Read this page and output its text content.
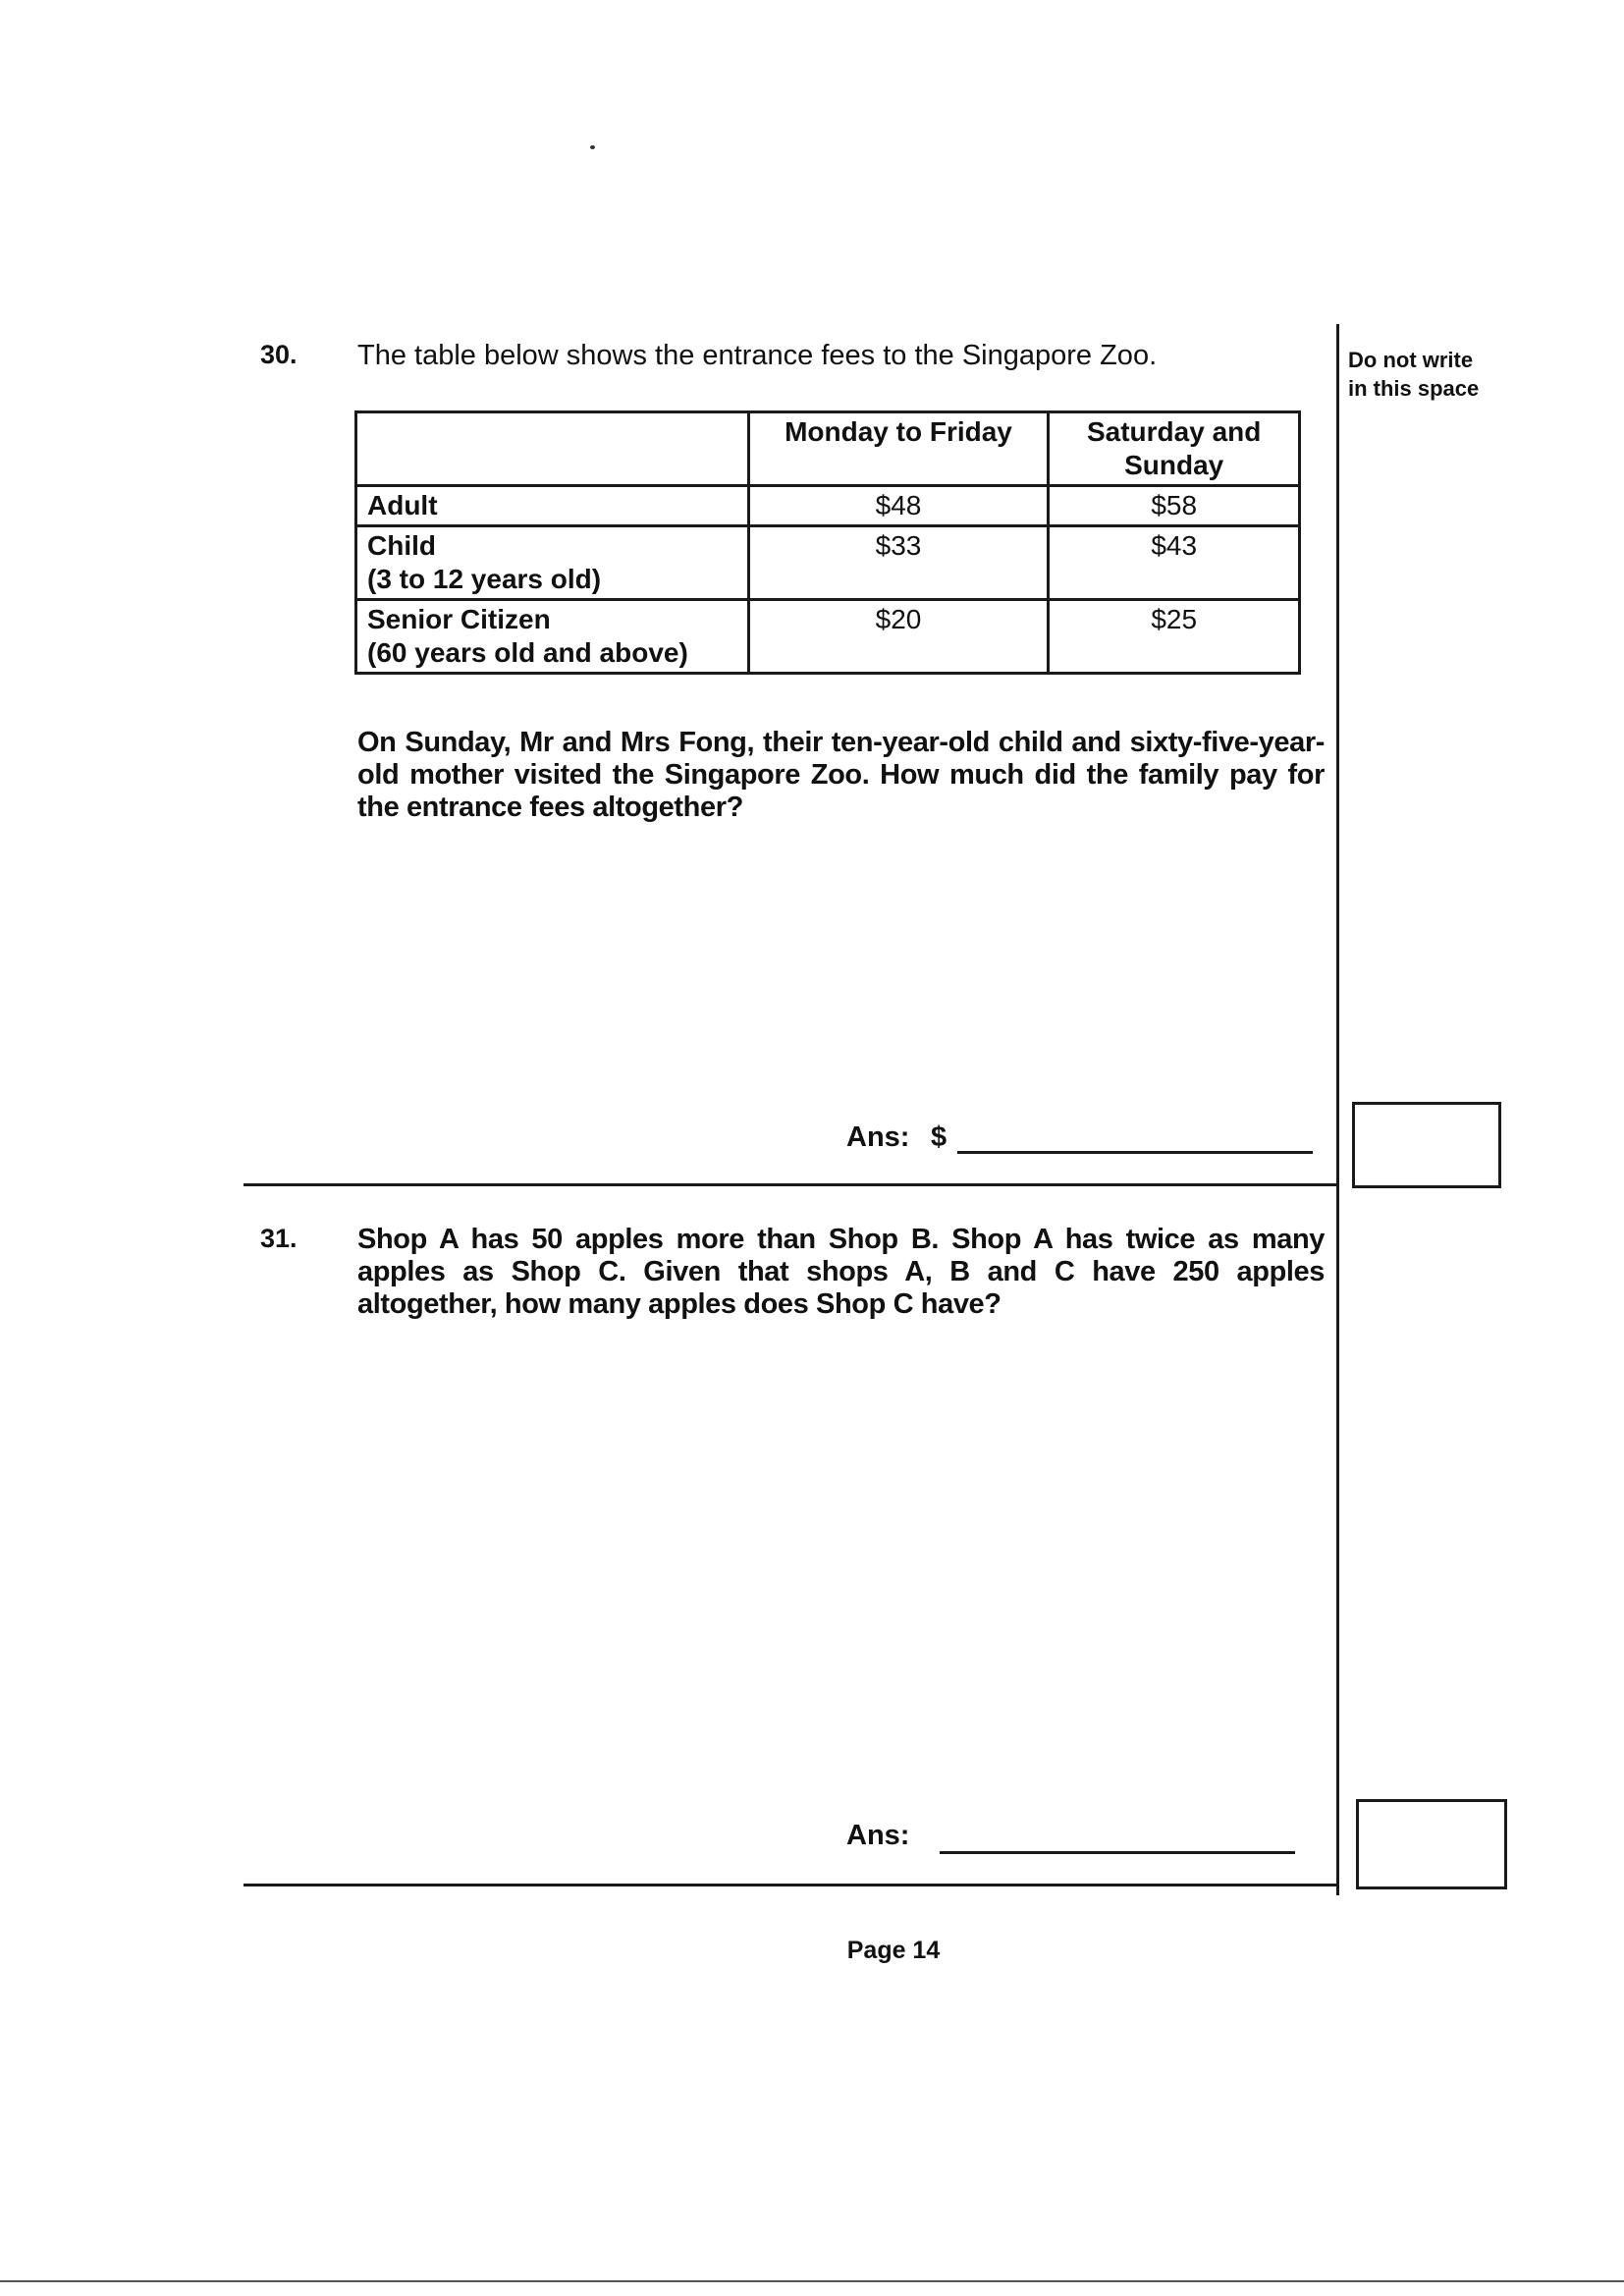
Do not write
in this space
30. The table below shows the entrance fees to the Singapore Zoo.
	Monday to Friday	Saturday and Sunday
Adult	$48	$58

Child
(3 to 12 years old)	$33	$43

Senior Citizen
(60 years old and above)	$20	$25
On Sunday, Mr and Mrs Fong, their ten-year-old child and sixty-five-year-old mother visited the Singapore Zoo. How much did the family pay for the entrance fees altogether?
Ans: $
31. Shop A has 50 apples more than Shop B. Shop A has twice as many apples as Shop C. Given that shops A, B and C have 250 apples altogether, how many apples does Shop C have?
Ans:
Page 14
